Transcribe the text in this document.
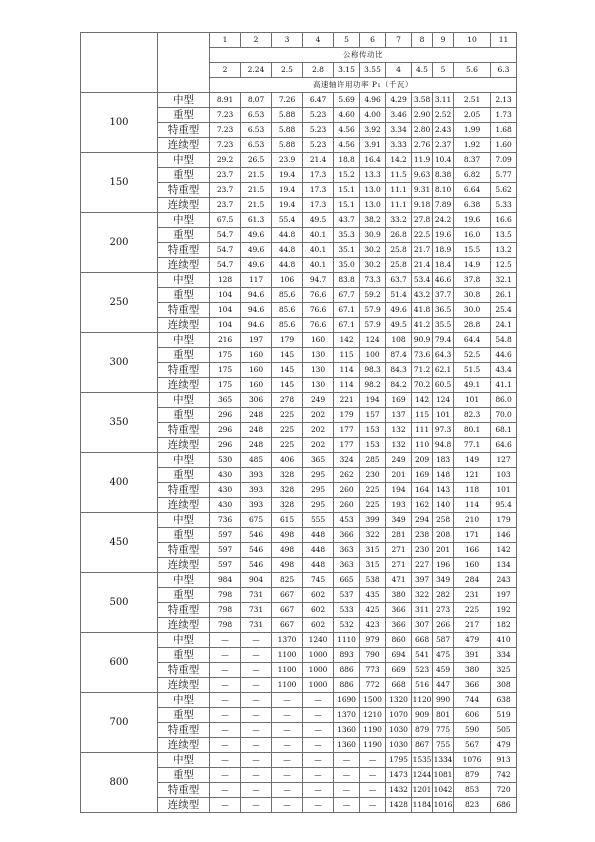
		1	2	3	4	5	6	7	8	9	10	11
		公称传动比										
		2	2.24	2.5	2.8	3.15	3.55	4	4.5	5	5.6	6.3
		高速轴许用功率 P₁（千瓦）										
100	中型	8.91	8.07	7.26	6.47	5.69	4.96	4.29	3.58	3.11	2.51	2.13
	重型	7.23	6.53	5.88	5.23	4.60	4.00	3.46	2.90	2.52	2.05	1.73
	特重型	7.23	6.53	5.88	5.23	4.56	3.92	3.34	2.80	2.43	1.99	1.68
	连续型	7.23	6.53	5.88	5.23	4.56	3.91	3.33	2.76	2.37	1.92	1.60
150	中型	29.2	26.5	23.9	21.4	18.8	16.4	14.2	11.9	10.4	8.37	7.09
	重型	23.7	21.5	19.4	17.3	15.2	13.3	11.5	9.63	8.38	6.82	5.77
	特重型	23.7	21.5	19.4	17.3	15.1	13.0	11.1	9.31	8.10	6.64	5.62
	连续型	23.7	21.5	19.4	17.3	15.1	13.0	11.1	9.18	7.89	6.38	5.33
200	中型	67.5	61.3	55.4	49.5	43.7	38.2	33.2	27.8	24.2	19.6	16.6
	重型	54.7	49.6	44.8	40.1	35.3	30.9	26.8	22.5	19.6	16.0	13.5
	特重型	54.7	49.6	44.8	40.1	35.1	30.2	25.8	21.7	18.9	15.5	13.2
	连续型	54.7	49.6	44.8	40.1	35.0	30.2	25.8	21.4	18.4	14.9	12.5
250	中型	128	117	106	94.7	83.8	73.3	63.7	53.4	46.6	37.8	32.1
	重型	104	94.6	85.6	76.6	67.7	59.2	51.4	43.2	37.7	30.8	26.1
	特重型	104	94.6	85.6	76.6	67.1	57.9	49.6	41.8	36.5	30.0	25.4
	连续型	104	94.6	85.6	76.6	67.1	57.9	49.5	41.2	35.5	28.8	24.1
300	中型	216	197	179	160	142	124	108	90.9	79.4	64.4	54.8
	重型	175	160	145	130	115	100	87.4	73.6	64.3	52.5	44.6
	特重型	175	160	145	130	114	98.3	84.3	71.2	62.1	51.5	43.4
	连续型	175	160	145	130	114	98.2	84.2	70.2	60.5	49.1	41.1
350	中型	365	306	278	249	221	194	169	142	124	101	86.0
	重型	296	248	225	202	179	157	137	115	101	82.3	70.0
	特重型	296	248	225	202	177	153	132	111	97.3	80.1	68.1
	连续型	296	248	225	202	177	153	132	110	94.8	77.1	64.6
400	中型	530	485	406	365	324	285	249	209	183	149	127
	重型	430	393	328	295	262	230	201	169	148	121	103
	特重型	430	393	328	295	260	225	194	164	143	118	101
	连续型	430	393	328	295	260	225	193	162	140	114	95.4
450	中型	736	675	615	555	453	399	349	294	258	210	179
	重型	597	546	498	448	366	322	281	238	208	171	146
	特重型	597	546	498	448	363	315	271	230	201	166	142
	连续型	597	546	498	448	363	315	271	227	196	160	134
500	中型	984	904	825	745	665	538	471	397	349	284	243
	重型	798	731	667	602	537	435	380	322	282	231	197
	特重型	798	731	667	602	533	425	366	311	273	225	192
	连续型	798	731	667	602	532	423	366	307	266	217	182
600	中型	—	—	1370	1240	1110	979	860	668	587	479	410
	重型	—	—	1100	1000	893	790	694	541	475	391	334
	特重型	—	—	1100	1000	886	773	669	523	459	380	325
	连续型	—	—	1100	1000	886	772	668	516	447	366	308
700	中型	—	—	—	—	1690	1500	1320	1120	990	744	638
	重型	—	—	—	—	1370	1210	1070	909	801	606	519
	特重型	—	—	—	—	1360	1190	1030	879	775	590	505
	连续型	—	—	—	—	1360	1190	1030	867	755	567	479
800	中型	—	—	—	—	—	—	1795	1535	1334	1076	913
	重型	—	—	—	—	—	—	1473	1244	1081	879	742
	特重型	—	—	—	—	—	—	1432	1201	1042	853	720
	连续型	—	—	—	—	—	—	1428	1184	1016	823	686
